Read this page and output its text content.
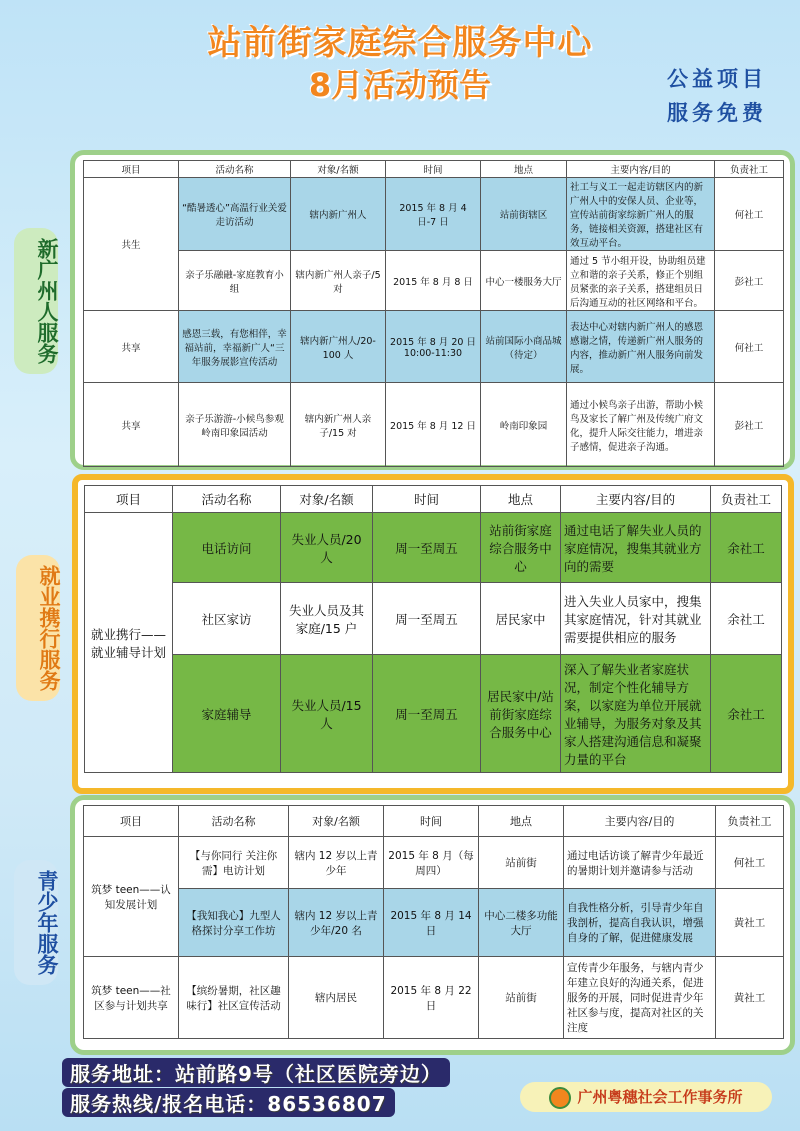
站前街家庭综合服务中心
8月活动预告	公益项目
服务免费
新广州人服务
项目	活动名称	对象/名额	时间	地点	主要内容/目的	负责社工
共生	“酷暑透心”高温行业关爱走访活动	辖内新广州人	2015 年 8 月 4 日-7 日	站前街辖区	社工与义工一起走访辖区内的新广州人中的安保人员、企业等，宣传站前街家综新广州人的服务，链接相关资源，搭建社区有效互动平台。	何社工
	亲子乐融融-家庭教育小组	辖内新广州人亲子/5 对	2015 年 8 月 8 日	中心一楼服务大厅	通过 5 节小组开设，协助组员建立和谐的亲子关系，修正个别组员紧张的亲子关系，搭建组员日后沟通互动的社区网络和平台。	彭社工
共享	感恩三载，有您相伴，幸福站前，幸福新广人“三年服务展影宣传活动	辖内新广州人/20-100 人	2015 年 8 月 20 日 10:00-11:30	站前国际小商品城（待定）	表达中心对辖内新广州人的感恩感谢之情，传递新广州人服务的内容，推动新广州人服务向前发展。	何社工
共享	亲子乐游游-小候鸟参观岭南印象园活动	辖内新广州人亲子/15 对	2015 年 8 月 12 日	岭南印象园	通过小候鸟亲子出游，帮助小候鸟及家长了解广州及传统广府文化，提升人际交往能力，增进亲子感情，促进亲子沟通。	彭社工
就业携行服务
项目	活动名称	对象/名额	时间	地点	主要内容/目的	负责社工
就业携行——就业辅导计划	电话访问	失业人员/20 人	周一至周五	站前街家庭综合服务中心	通过电话了解失业人员的家庭情况，搜集其就业方向的需要	余社工
	社区家访	失业人员及其家庭/15 户	周一至周五	居民家中	进入失业人员家中，搜集其家庭情况，针对其就业需要提供相应的服务	余社工
	家庭辅导	失业人员/15 人	周一至周五	居民家中/站前街家庭综合服务中心	深入了解失业者家庭状况，制定个性化辅导方案，以家庭为单位开展就业辅导，为服务对象及其家人搭建沟通信息和凝聚力量的平台	余社工
青少年服务
项目	活动名称	对象/名额	时间	地点	主要内容/目的	负责社工
筑梦 teen——认知发展计划	【与你同行 关注你需】电访计划	辖内 12 岁以上青少年	2015 年 8 月（每周四）	站前街	通过电话访谈了解青少年最近的暑期计划并邀请参与活动	何社工
	【我知我心】九型人格探讨分享工作坊	辖内 12 岁以上青少年/20 名	2015 年 8 月 14 日	中心二楼多功能大厅	自我性格分析，引导青少年自我剖析，提高自我认识，增强自身的了解，促进健康发展	黄社工
筑梦 teen——社区参与计划共享	【缤纷暑期，社区趣味行】社区宣传活动	辖内居民	2015 年 8 月 22 日	站前街	宣传青少年服务，与辖内青少年建立良好的沟通关系，促进服务的开展，同时促进青少年社区参与度，提高对社区的关注度	黄社工
服务地址：站前路9号（社区医院旁边）
服务热线/报名电话：86536807	广州粤穗社会工作事务所
